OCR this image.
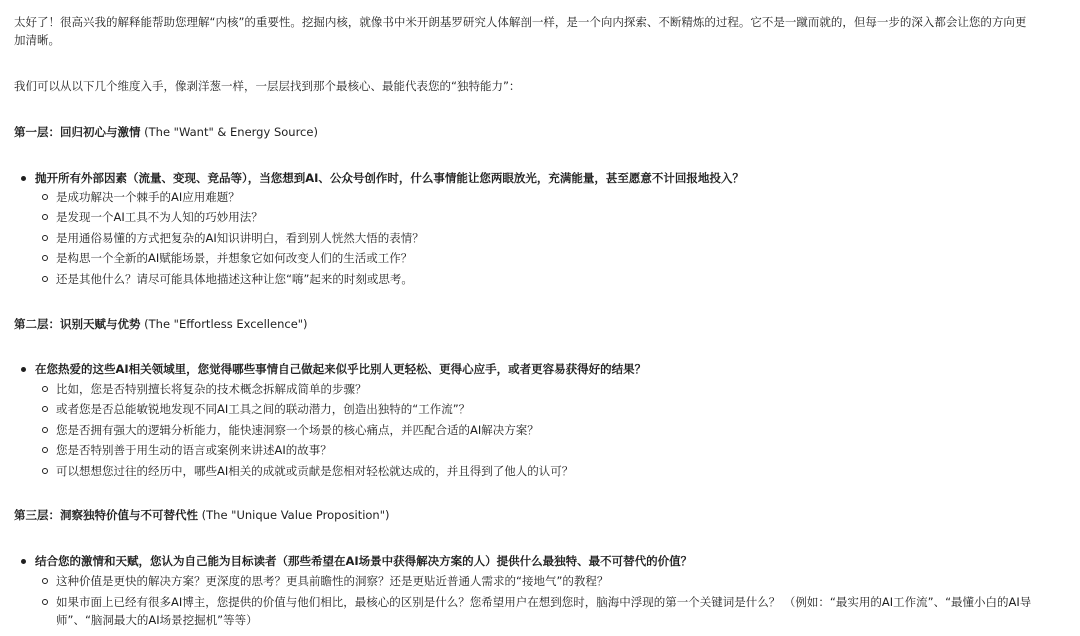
太好了！很高兴我的解释能帮助您理解“内核”的重要性。挖掘内核，就像书中米开朗基罗研究人体解剖一样，是一个向内探索、不断精炼的过程。它不是一蹴而就的，但每一步的深入都会让您的方向更加清晰。

我们可以从以下几个维度入手，像剥洋葱一样，一层层找到那个最核心、最能代表您的“独特能力”：

第一层：回归初心与激情 (The "Want" & Energy Source)

抛开所有外部因素（流量、变现、竞品等），当您想到AI、公众号创作时，什么事情能让您两眼放光，充满能量，甚至愿意不计回报地投入？
是成功解决一个棘手的AI应用难题？
是发现一个AI工具不为人知的巧妙用法？
是用通俗易懂的方式把复杂的AI知识讲明白，看到别人恍然大悟的表情？
是构思一个全新的AI赋能场景，并想象它如何改变人们的生活或工作？
还是其他什么？请尽可能具体地描述这种让您“嗨”起来的时刻或思考。

第二层：识别天赋与优势 (The "Effortless Excellence")

在您热爱的这些AI相关领域里，您觉得哪些事情自己做起来似乎比别人更轻松、更得心应手，或者更容易获得好的结果？
比如，您是否特别擅长将复杂的技术概念拆解成简单的步骤？
或者您是否总能敏锐地发现不同AI工具之间的联动潜力，创造出独特的“工作流”？
您是否拥有强大的逻辑分析能力，能快速洞察一个场景的核心痛点，并匹配合适的AI解决方案？
您是否特别善于用生动的语言或案例来讲述AI的故事？
可以想想您过往的经历中，哪些AI相关的成就或贡献是您相对轻松就达成的，并且得到了他人的认可？

第三层：洞察独特价值与不可替代性 (The "Unique Value Proposition")

结合您的激情和天赋，您认为自己能为目标读者（那些希望在AI场景中获得解决方案的人）提供什么最独特、最不可替代的价值？
这种价值是更快的解决方案？更深度的思考？更具前瞻性的洞察？还是更贴近普通人需求的“接地气”的教程？
如果市面上已经有很多AI博主，您提供的价值与他们相比，最核心的区别是什么？您希望用户在想到您时，脑海中浮现的第一个关键词是什么？ （例如：“最实用的AI工作流”、“最懂小白的AI导师”、“脑洞最大的AI场景挖掘机”等等）
